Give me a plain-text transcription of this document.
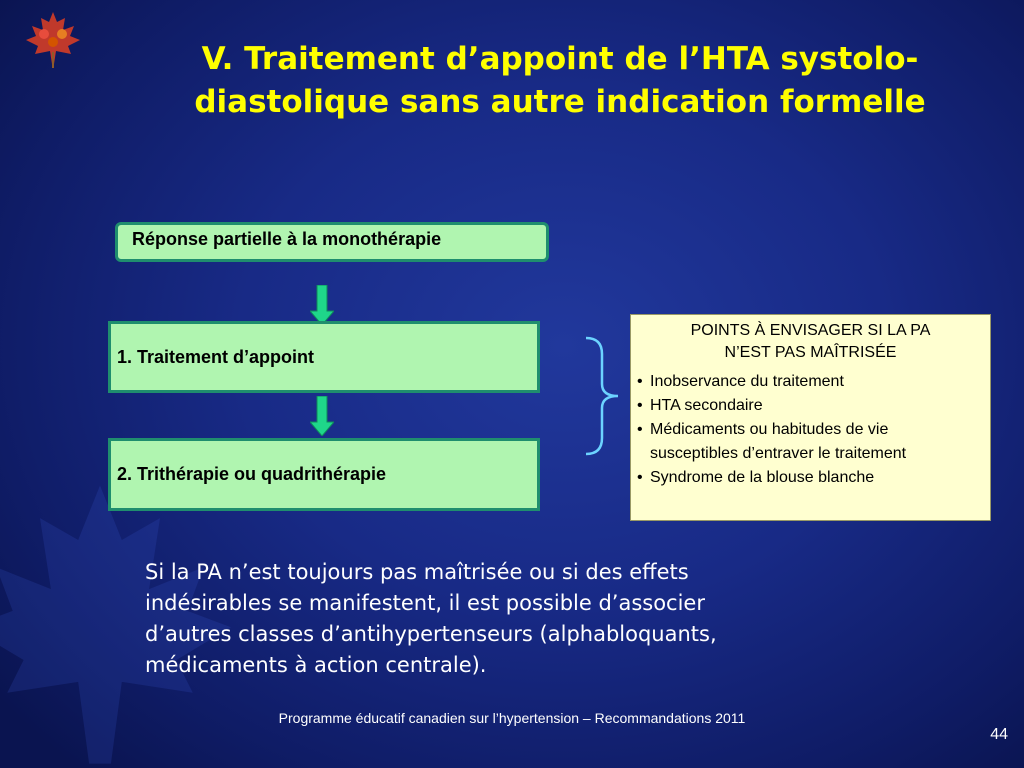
V. Traitement d’appoint de l’HTA systolo-
diastolique sans autre indication formelle
Réponse partielle à la monothérapie
1. Traitement d’appoint
2. Trithérapie ou quadrithérapie
POINTS À ENVISAGER SI LA PA
N’EST PAS MAÎTRISÉE
• Inobservance du traitement
• HTA secondaire
• Médicaments ou habitudes de vie
susceptibles d’entraver le traitement
• Syndrome de la blouse blanche
Si la PA n’est toujours pas maîtrisée ou si des effets
indésirables se manifestent, il est possible d’associer
d’autres classes d’antihypertenseurs (alphabloquants,
médicaments à action centrale).
Programme éducatif canadien sur l’hypertension – Recommandations 2011
44
